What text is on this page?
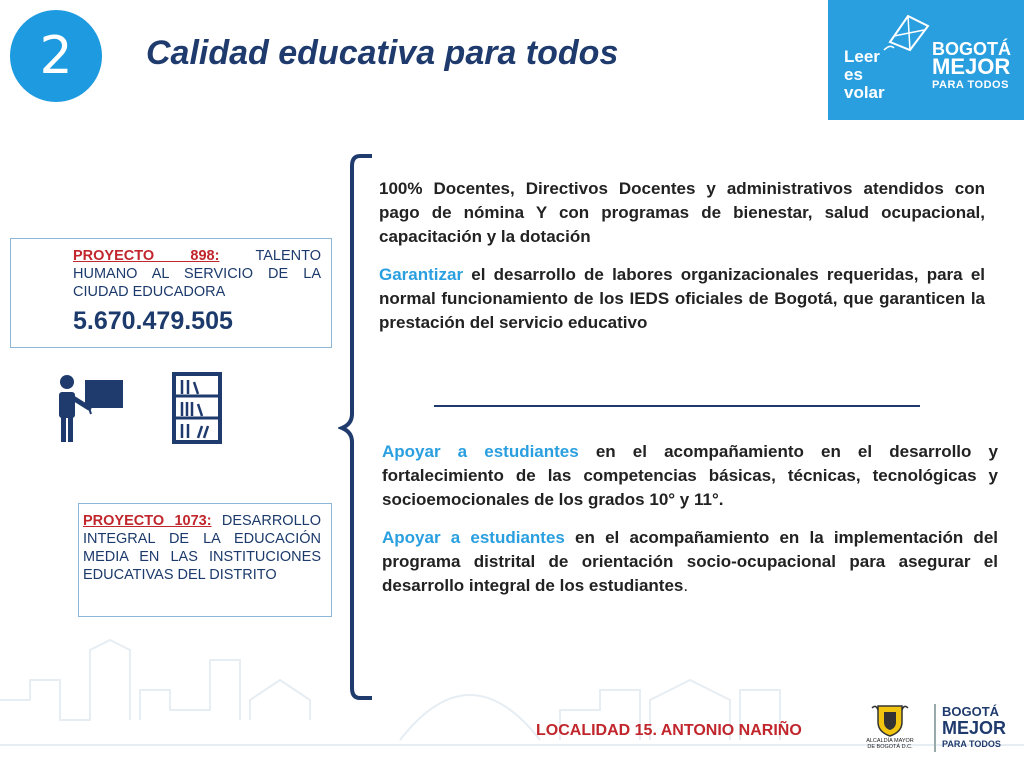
2 Calidad educativa para todos	Leer
es
volar
BOGOTÁ
MEJOR
PARA TODOS
PROYECTO 898: TALENTO HUMANO AL SERVICIO DE LA CIUDAD EDUCADORA
5.670.479.505
PROYECTO 1073: DESARROLLO INTEGRAL DE LA EDUCACIÓN MEDIA EN LAS INSTITUCIONES EDUCATIVAS DEL DISTRITO

100% Docentes, Directivos Docentes y administrativos atendidos con pago de nómina Y con programas de bienestar, salud ocupacional, capacitación y la dotación

Garantizar el desarrollo de labores organizacionales requeridas, para el normal funcionamiento de los IEDS oficiales de Bogotá, que garanticen la prestación del servicio educativo

Apoyar a estudiantes en el acompañamiento en el desarrollo y fortalecimiento de las competencias básicas, técnicas, tecnológicas y socioemocionales de los grados 10° y 11°.

Apoyar a estudiantes en el acompañamiento en la implementación del programa distrital de orientación socio-ocupacional para asegurar el desarrollo integral de los estudiantes.

LOCALIDAD 15. ANTONIO NARIÑO
ALCALDÍA MAYOR DE BOGOTÁ D.C.
BOGOTÁ
MEJOR
PARA TODOS
